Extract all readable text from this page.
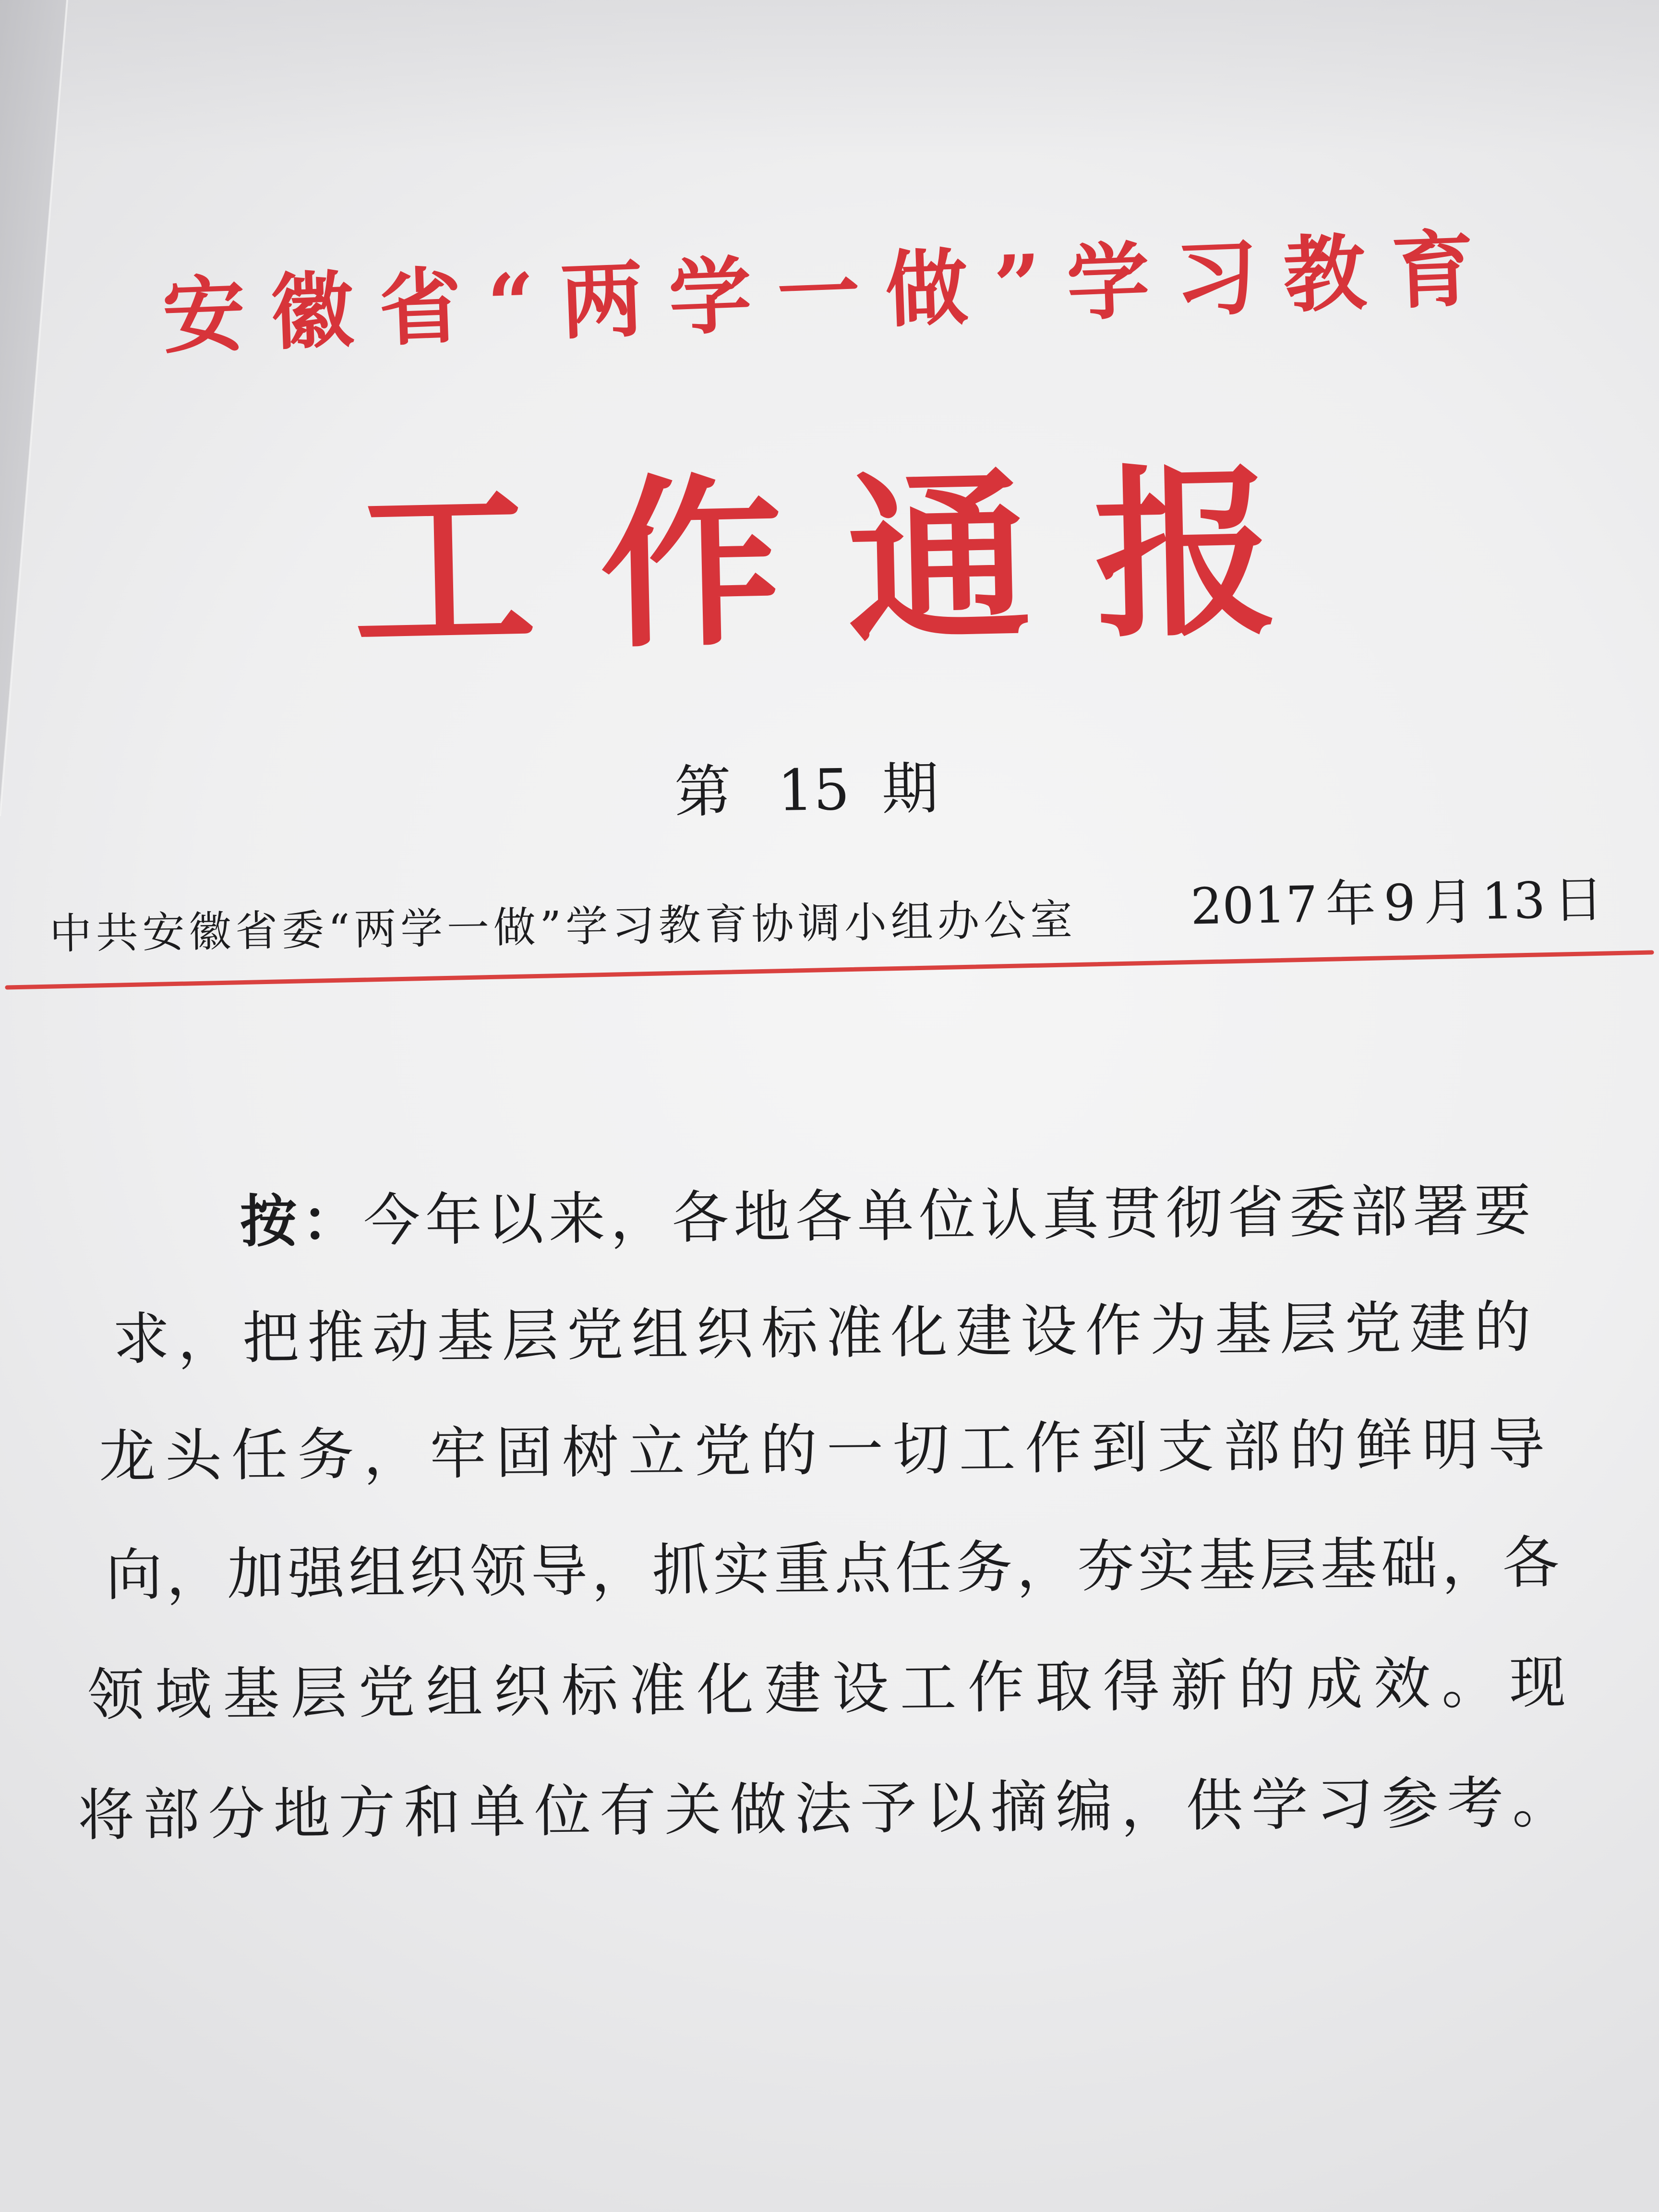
安徽省“两学一做”学习教育
工作通报
第 15 期
中共安徽省委“两学一做”学习教育协调小组办公室 2017年9月13日
按：今年以来，各地各单位认真贯彻省委部署要
求，把推动基层党组织标准化建设作为基层党建的
龙头任务，牢固树立党的一切工作到支部的鲜明导
向，加强组织领导，抓实重点任务，夯实基层基础，各
领域基层党组织标准化建设工作取得新的成效。现
将部分地方和单位有关做法予以摘编，供学习参考。
